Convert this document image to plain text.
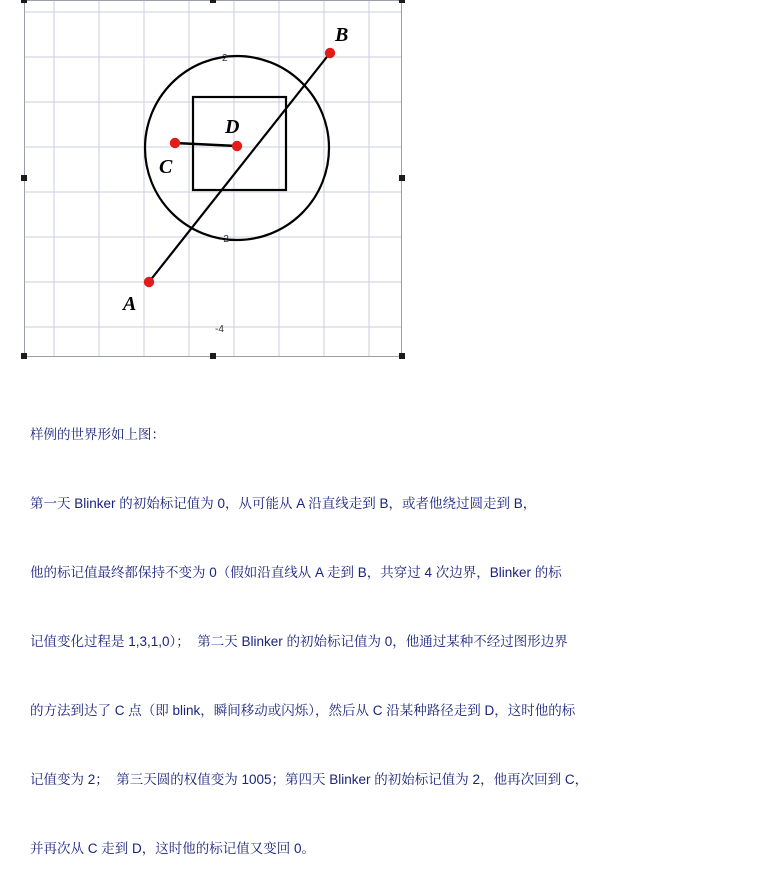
A
B
C
D
2
-2
-4

样例的世界形如上图：

第一天 Blinker 的初始标记值为 0，从可能从 A 沿直线走到 B，或者他绕过圆走到 B，

他的标记值最终都保持不变为 0（假如沿直线从 A 走到 B，共穿过 4 次边界，Blinker 的标

记值变化过程是 1,3,1,0）；  第二天 Blinker 的初始标记值为 0，他通过某种不经过图形边界

的方法到达了 C 点（即 blink，瞬间移动或闪烁），然后从 C 沿某种路径走到 D，这时他的标

记值变为 2；  第三天圆的权值变为 1005；第四天 Blinker 的初始标记值为 2，他再次回到 C，

并再次从 C 走到 D，这时他的标记值又变回 0。
